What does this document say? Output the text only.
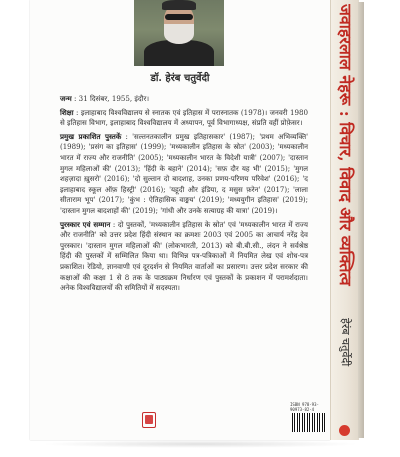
डॉ. हेरंब चतुर्वेदी

जन्म : 31 दिसंबर, 1955, इंदौर।

शिक्षा : इलाहाबाद विश्वविद्यालय से स्नातक एवं इतिहास में परास्नातक (1978)। जनवरी 1980 से इतिहास विभाग, इलाहाबाद विश्वविद्यालय में अध्यापन, पूर्व विभागाध्यक्ष, संप्रति वहीं प्रोफ़ेसर।

प्रमुख प्रकाशित पुस्तकें : 'सल्तनतकालीन प्रमुख इतिहासकार' (1987); 'प्रथम अभिव्यक्ति' (1989); 'प्रसंग का इतिहास' (1999); 'मध्यकालीन इतिहास के स्रोत' (2003); 'मध्यकालीन भारत में राज्य और राजनीति' (2005); 'मध्यकालीन भारत के विदेशी यात्री' (2007); 'दास्तान मुगल महिलाओं की' (2013); 'हिंदी के बहाने' (2014); 'सफ़ दौर यह भी' (2015); 'मुगल शहज़ादा ख़ुसरो' (2016); 'दो सुल्तान दो बादशाह, उनका प्रणय-परिणय परिवेश' (2016); 'द इलाहाबाद स्कूल ऑफ़ हिस्ट्री' (2016); 'यहूदी और इंडिया, द मसुस फ़रेन' (2017); 'लाला सीताराम भूप' (2017); 'कुंभ : ऐतिहासिक वाङ्मय' (2019); 'मध्ययुगीन इतिहास' (2019); 'दास्तान मुगल बादशाहों की' (2019); 'गांधी और उनके सत्याग्रह की यात्रा' (2019)।

पुरस्कार एवं सम्मान : दो पुस्तकों, 'मध्यकालीन इतिहास के स्रोत' एवं 'मध्यकालीन भारत में राज्य और राजनीति' को उत्तर प्रदेश हिंदी संस्थान का क्रमशः 2003 एवं 2005 का आचार्य नरेंद्र देव पुरस्कार। 'दास्तान मुगल महिलाओं की' (लोकभारती, 2013) को बी.बी.सी., लंदन ने सर्वश्रेष्ठ हिंदी की पुस्तकों में सम्मिलित किया था। विभिन्न पत्र-पत्रिकाओं में नियमित लेख एवं शोध-पत्र प्रकाशित। रेडियो, ज्ञानवाणी एवं दूरदर्शन से नियमित वार्ताओं का प्रसारण। उत्तर प्रदेश सरकार की कक्षाओं की कक्षा 1 से 8 तक के पाठ्यक्रम निर्धारण एवं पुस्तकों के प्रकाशन में परामर्शदाता। अनेक विश्वविद्यालयों की समितियों में सदस्यता।

ISBN 978-93-90973-82-4
जवाहरलाल नेहरू : विचार, विवाद और व्यक्तित्व
हेरंब चतुर्वेदी
